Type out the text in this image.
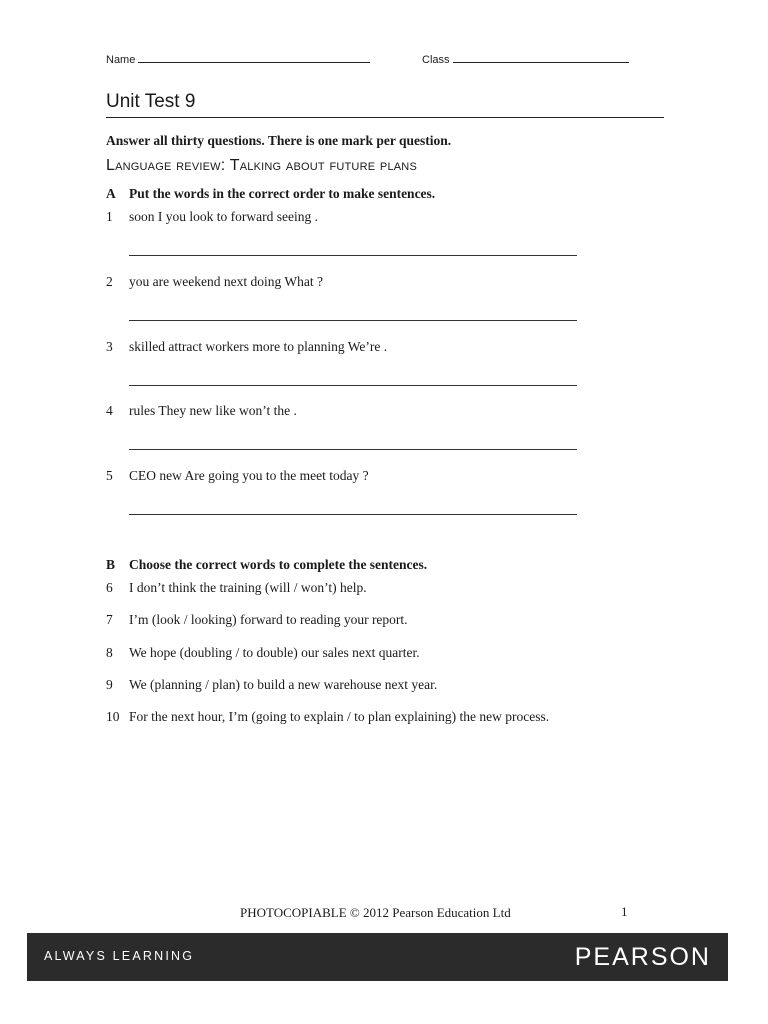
Name	Class
Unit Test 9
Answer all thirty questions. There is one mark per question.
Language review: Talking about future plans
A Put the words in the correct order to make sentences.
1 soon I you look to forward seeing .
2 you are weekend next doing What ?
3 skilled attract workers more to planning We’re .
4 rules They new like won’t the .
5 CEO new Are going you to the meet today ?
B Choose the correct words to complete the sentences.
6 I don’t think the training (will / won’t) help.
7 I’m (look / looking) forward to reading your report.
8 We hope (doubling / to double) our sales next quarter.
9 We (planning / plan) to build a new warehouse next year.
10 For the next hour, I’m (going to explain / to plan explaining) the new process.
PHOTOCOPIABLE © 2012 Pearson Education Ltd	1
ALWAYS LEARNING	PEARSON
